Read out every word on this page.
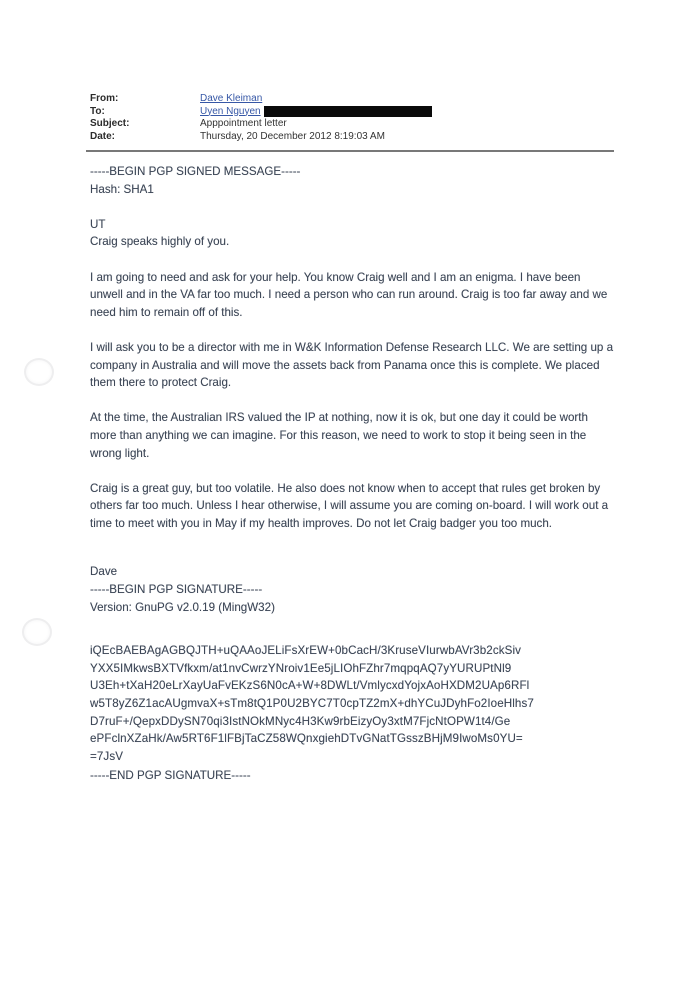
From:	Dave Kleiman
To:	Uyen Nguyen
Subject:	Apppointment letter
Date:	Thursday, 20 December 2012 8:19:03 AM
-----BEGIN PGP SIGNED MESSAGE-----
Hash: SHA1
UT
Craig speaks highly of you.
I am going to need and ask for your help. You know Craig well and I am an enigma. I have been unwell and in the VA far too much. I need a person who can run around. Craig is too far away and we need him to remain off of this.
I will ask you to be a director with me in W&K Information Defense Research LLC. We are setting up a company in Australia and will move the assets back from Panama once this is complete. We placed them there to protect Craig.
At the time, the Australian IRS valued the IP at nothing, now it is ok, but one day it could be worth more than anything we can imagine. For this reason, we need to work to stop it being seen in the wrong light.
Craig is a great guy, but too volatile. He also does not know when to accept that rules get broken by others far too much. Unless I hear otherwise, I will assume you are coming on-board. I will work out a time to meet with you in May if my health improves. Do not let Craig badger you too much.
Dave
-----BEGIN PGP SIGNATURE-----
Version: GnuPG v2.0.19 (MingW32)
iQEcBAEBAgAGBQJTH+uQAAoJELiFsXrEW+0bCacH/3KruseVIurwbAVr3b2ckSiv
YXX5IMkwsBXTVfkxm/at1nvCwrzYNroiv1Ee5jLIOhFZhr7mqpqAQ7yYURUPtNl9
U3Eh+tXaH20eLrXayUaFvEKzS6N0cA+W+8DWLt/VmlycxdYojxAoHXDM2UAp6RFl
w5T8yZ6Z1acAUgmvaX+sTm8tQ1P0U2BYC7T0cpTZ2mX+dhYCuJDyhFo2IoeHlhs7
D7ruF+/QepxDDySN70qi3IstNOkMNyc4H3Kw9rbEizyOy3xtM7FjcNtOPW1t4/Ge
ePFclnXZaHk/Aw5RT6F1lFBjTaCZ58WQnxgiehDTvGNatTGsszBHjM9IwoMs0YU=
=7JsV
-----END PGP SIGNATURE-----
